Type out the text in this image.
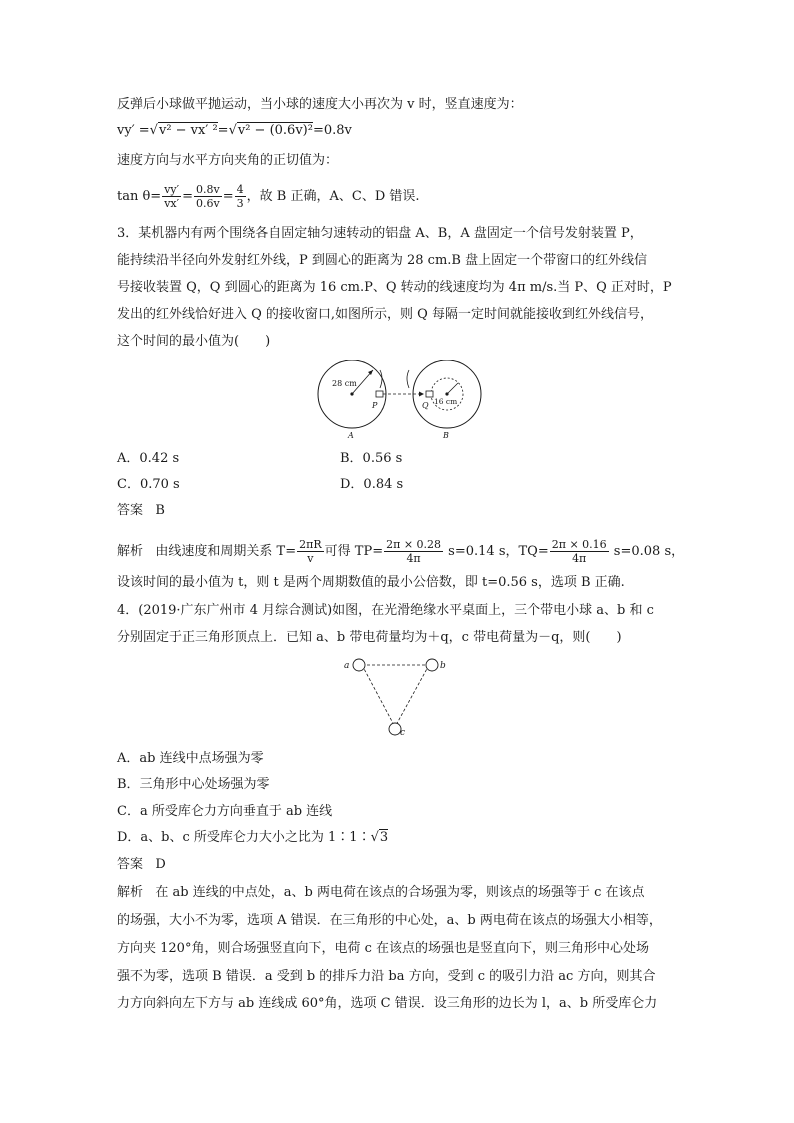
反弹后小球做平抛运动，当小球的速度大小再次为 v 时，竖直速度为：
vy′ =√v² − vx′ ²=√v² − (0.6v)²=0.8v
速度方向与水平方向夹角的正切值为：
$\tan \theta= \frac{vy'}{vx'} = \frac{0.8v}{0.6v} = \frac{4}{3}$ ，故 B 正确，A、C、D 错误.
3．某机器内有两个围绕各自固定轴匀速转动的铝盘 A、B，A 盘固定一个信号发射装置 P，
能持续沿半径向外发射红外线，P 到圆心的距离为 28 cm.B 盘上固定一个带窗口的红外线信
号接收装置 Q，Q 到圆心的距离为 16 cm.P、Q 转动的线速度均为 4π m/s.当 P、Q 正对时，P
发出的红外线恰好进入 Q 的接收窗口,如图所示，则 Q 每隔一定时间就能接收到红外线信号，
这个时间的最小值为(　　)
28 cm
P	16 cm
Q
A	B
A．0.42 s	B．0.56 s
C．0.70 s	D．0.84 s
答案 B
解析 由线速度和周期关系 $T= \frac{2\pi R}{v}$ 可得 $TP= \frac{2\pi \times 0.28}{4\pi} s=0.14$ s，$TQ= \frac{2\pi \times 0.16}{4\pi} s=0.08$ s，
设该时间的最小值为 t，则 t 是两个周期数值的最小公倍数，即 t=0.56 s，选项 B 正确.
4．(2019·广东广州市 4 月综合测试)如图，在光滑绝缘水平桌面上，三个带电小球 a、b 和 c
分别固定于正三角形顶点上．已知 a、b 带电荷量均为＋q，c 带电荷量为－q，则(　　)
a	b
c
A．ab 连线中点场强为零
B．三角形中心处场强为零
C．a 所受库仑力方向垂直于 ab 连线
D．a、b、c 所受库仑力大小之比为 1∶1∶√3
答案 D
解析 在 ab 连线的中点处，a、b 两电荷在该点的合场强为零，则该点的场强等于 c 在该点
的场强，大小不为零，选项 A 错误．在三角形的中心处，a、b 两电荷在该点的场强大小相等，
方向夹 120°角，则合场强竖直向下，电荷 c 在该点的场强也是竖直向下，则三角形中心处场
强不为零，选项 B 错误．a 受到 b 的排斥力沿 ba 方向，受到 c 的吸引力沿 ac 方向，则其合
力方向斜向左下方与 ab 连线成 60°角，选项 C 错误．设三角形的边长为 l，a、b 所受库仑力
